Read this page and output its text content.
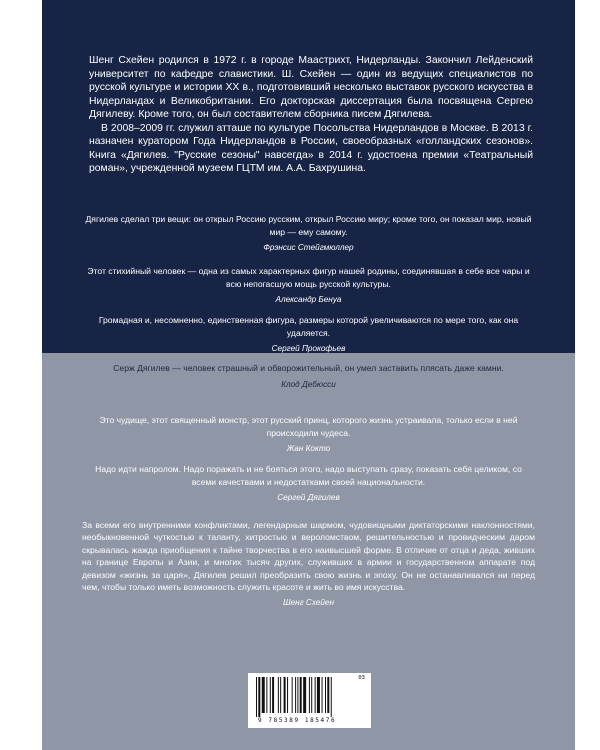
Шенг Схейен родился в 1972 г. в городе Маастрихт, Нидерланды. Закончил Лейденский университет по кафедре славистики. Ш. Схейен — один из ведущих специалистов по русской культуре и истории XX в., подготовивший несколько выставок русского искусства в Нидерландах и Великобритании. Его докторская диссертация была посвящена Сергею Дягилеву. Кроме того, он был составителем сборника писем Дягилева.

В 2008–2009 гг. служил атташе по культуре Посольства Нидерландов в Москве. В 2013 г. назначен куратором Года Нидерландов в России, своеобразных «голландских сезонов». Книга «Дягилев. "Русские сезоны" навсегда» в 2014 г. удостоена премии «Театральный роман», учрежденной музеем ГЦТМ им. А.А. Бахрушина.

Дягилев сделал три вещи: он открыл Россию русским, открыл Россию миру; кроме того, он показал мир, новый мир — ему самому.

Фрэнсис Стейгмюллер

Этот стихийный человек — одна из самых характерных фигур нашей родины, соединявшая в себе все чары и всю непогасшую мощь русской культуры.

Александр Бенуа

Громадная и, несомненно, единственная фигура, размеры которой увеличиваются по мере того, как она удаляется.

Сергей Прокофьев

Серж Дягилев — человек страшный и обворожительный, он умел заставить плясать даже камни.

Клод Дебюсси

Это чудище, этот священный монстр, этот русский принц, которого жизнь устраивала, только если в ней происходили чудеса.

Жан Кокто

Надо идти напролом. Надо поражать и не бояться этого, надо выступать сразу, показать себя целиком, со всеми качествами и недостатками своей национальности.

Сергей Дягилев

За всеми его внутренними конфликтами, легендарным шармом, чудовищными диктаторскими наклонностями, необыкновенной чуткостью к таланту, хитростью и вероломством, решительностью и провидческим даром скрывалась жажда приобщения к тайне творчества в его наивысшей форме. В отличие от отца и деда, живших на границе Европы и Азии, и многих тысяч других, служивших в армии и государственном аппарате под девизом «жизнь за царя», Дягилев решил преобразить свою жизнь и эпоху. Он не останавливался ни перед чем, чтобы только иметь возможность служить красоте и жить во имя искусства.

Шенг Схейен

03
9 785389 185476
